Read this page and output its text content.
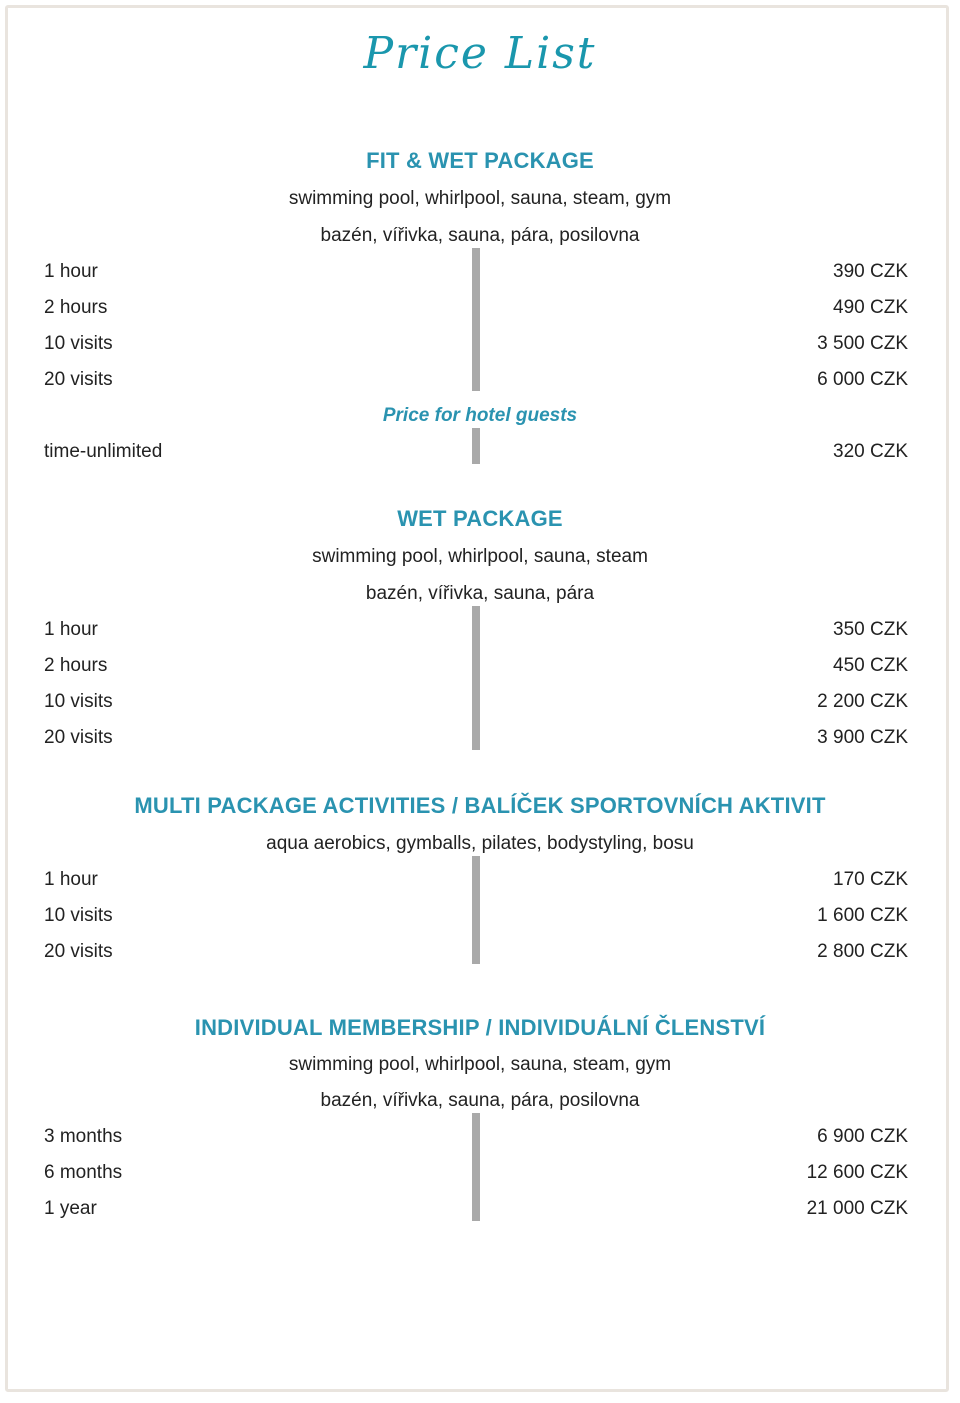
Price List
FIT & WET PACKAGE
swimming pool, whirlpool, sauna, steam, gym
bazén, vířivka, sauna, pára, posilovna
1 hour	390 CZK
2 hours	490 CZK
10 visits	3 500 CZK
20 visits	6 000 CZK
Price for hotel guests
time-unlimited	320 CZK
WET PACKAGE
swimming pool, whirlpool, sauna, steam
bazén, vířivka, sauna, pára
1 hour	350 CZK
2 hours	450 CZK
10 visits	2 200 CZK
20 visits	3 900 CZK
MULTI PACKAGE ACTIVITIES / BALÍČEK SPORTOVNÍCH AKTIVIT
aqua aerobics, gymballs, pilates, bodystyling, bosu
1 hour	170 CZK
10 visits	1 600 CZK
20 visits	2 800 CZK
INDIVIDUAL MEMBERSHIP / INDIVIDUÁLNÍ ČLENSTVÍ
swimming pool, whirlpool, sauna, steam, gym
bazén, vířivka, sauna, pára, posilovna
3 months	6 900 CZK
6 months	12 600 CZK
1 year	21 000 CZK
